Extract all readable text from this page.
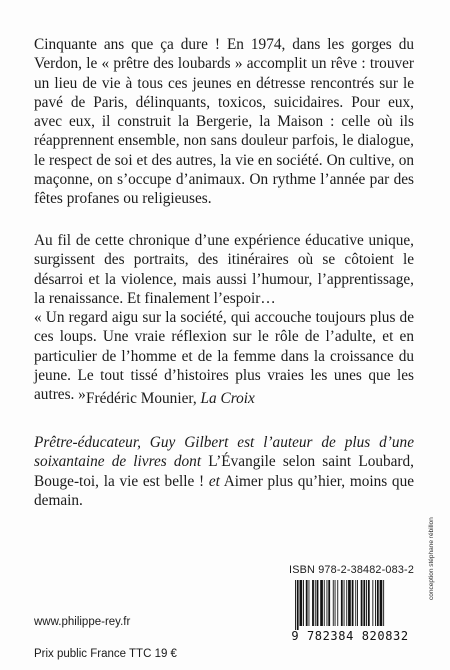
Cinquante ans que ça dure ! En 1974, dans les gorges du Verdon, le « prêtre des loubards » accomplit un rêve : trouver un lieu de vie à tous ces jeunes en détresse rencontrés sur le pavé de Paris, délinquants, toxicos, suicidaires. Pour eux, avec eux, il construit la Bergerie, la Maison : celle où ils réapprennent ensemble, non sans douleur parfois, le dialogue, le respect de soi et des autres, la vie en société. On cultive, on maçonne, on s’occupe d’animaux. On rythme l’année par des fêtes profanes ou religieuses.
Au fil de cette chronique d’une expérience éducative unique, surgissent des portraits, des itinéraires où se côtoient le désarroi et la violence, mais aussi l’humour, l’apprentissage, la renaissance. Et finalement l’espoir…
« Un regard aigu sur la société, qui accouche toujours plus de ces loups. Une vraie réflexion sur le rôle de l’adulte, et en particulier de l’homme et de la femme dans la croissance du jeune. Le tout tissé d’histoires plus vraies les unes que les autres. » Frédéric Mounier, La Croix
Prêtre-éducateur, Guy Gilbert est l’auteur de plus d’une soixantaine de livres dont L’Évangile selon saint Loubard, Bouge-toi, la vie est belle ! et Aimer plus qu’hier, moins que demain.
ISBN 978-2-38482-083-2
9 782384 820832
www.philippe-rey.fr
Prix public France TTC 19 €
conception stéphane rébillon
